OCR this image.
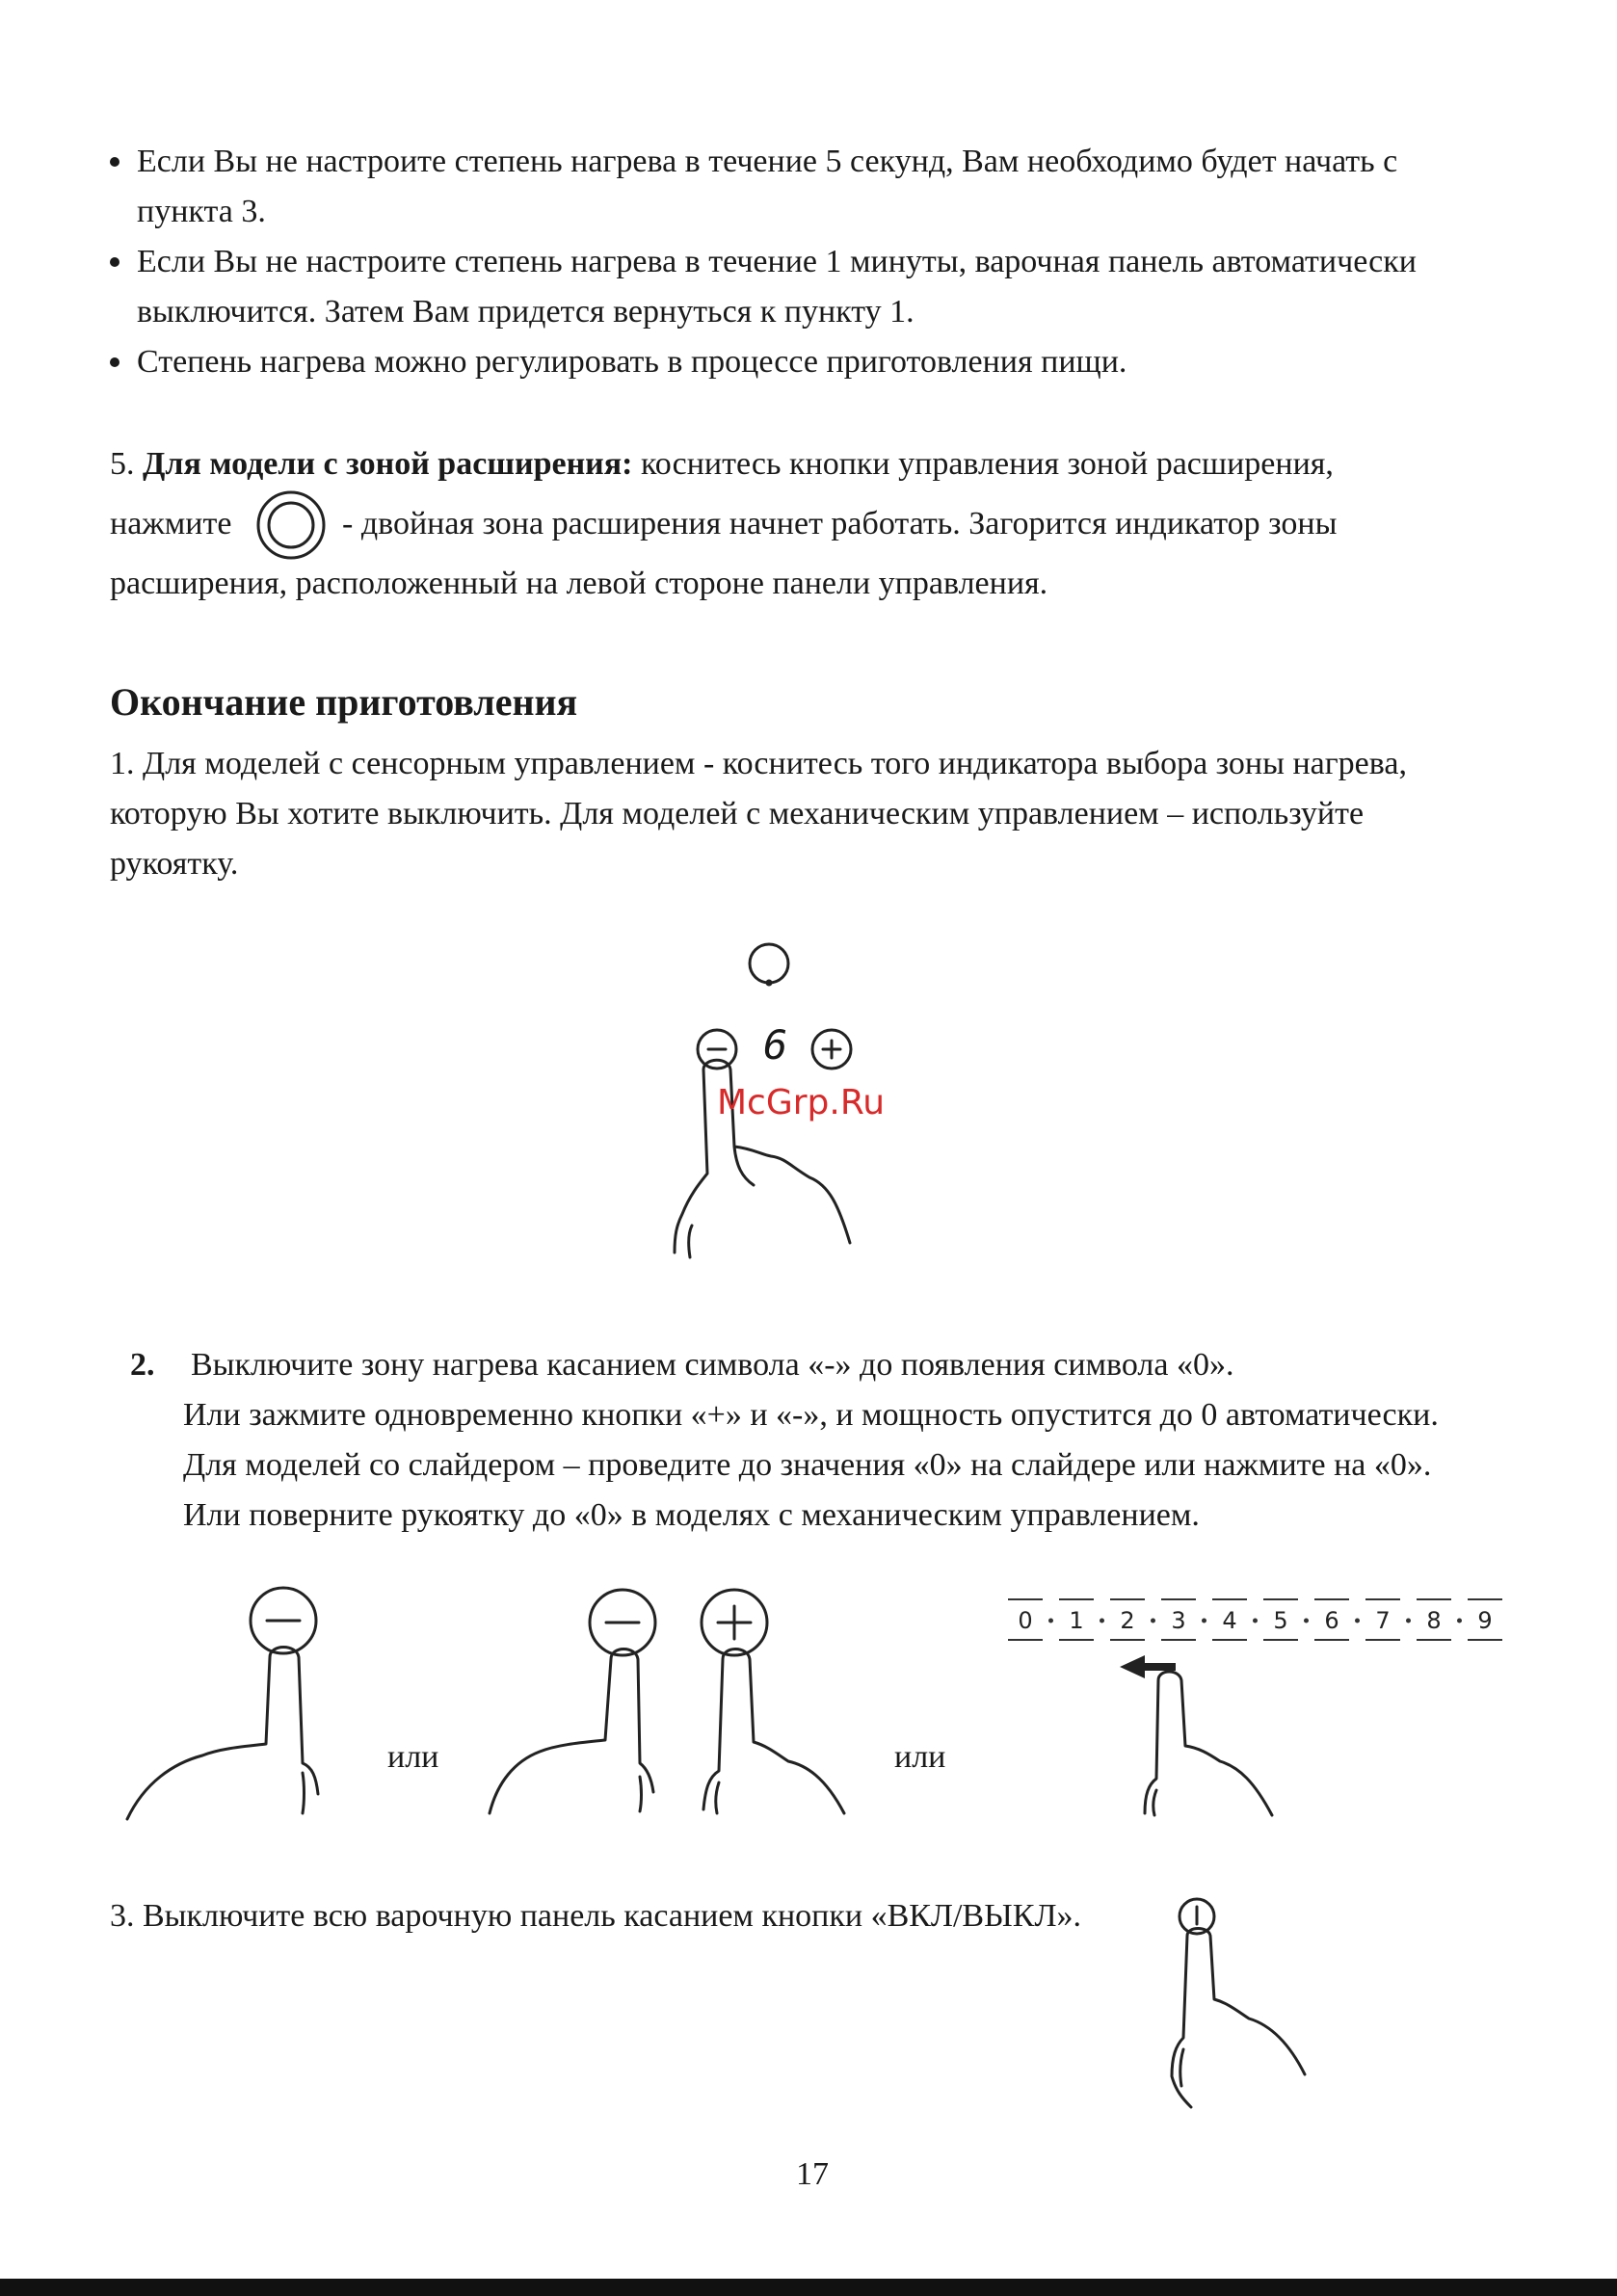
Если Вы не настроите степень нагрева в течение 5 секунд, Вам необходимо будет начать с
пункта 3.
Если Вы не настроите степень нагрева в течение 1 минуты, варочная панель автоматически
выключится. Затем Вам придется вернуться к пункту 1.
Степень нагрева можно регулировать в процессе приготовления пищи.
5. Для модели с зоной расширения: коснитесь кнопки управления зоной расширения,
нажмите	- двойная зона расширения начнет работать. Загорится индикатор зоны
расширения, расположенный на левой стороне панели управления.
Окончание приготовления
1. Для моделей с сенсорным управлением - коснитесь того индикатора выбора зоны нагрева,
которую Вы хотите выключить. Для моделей с механическим управлением – используйте
рукоятку.
6
McGrp.Ru
2. Выключите зону нагрева касанием символа «-» до появления символа «0».
Или зажмите одновременно кнопки «+» и «-», и мощность опустится до 0 автоматически.
Для моделей со слайдером – проведите до значения «0» на слайдере или нажмите на «0».
Или поверните рукоятку до «0» в моделях с механическим управлением.
или	или
0 1 2 3 4 5 6 7 8 9
3. Выключите всю варочную панель касанием кнопки «ВКЛ/ВЫКЛ».
17
